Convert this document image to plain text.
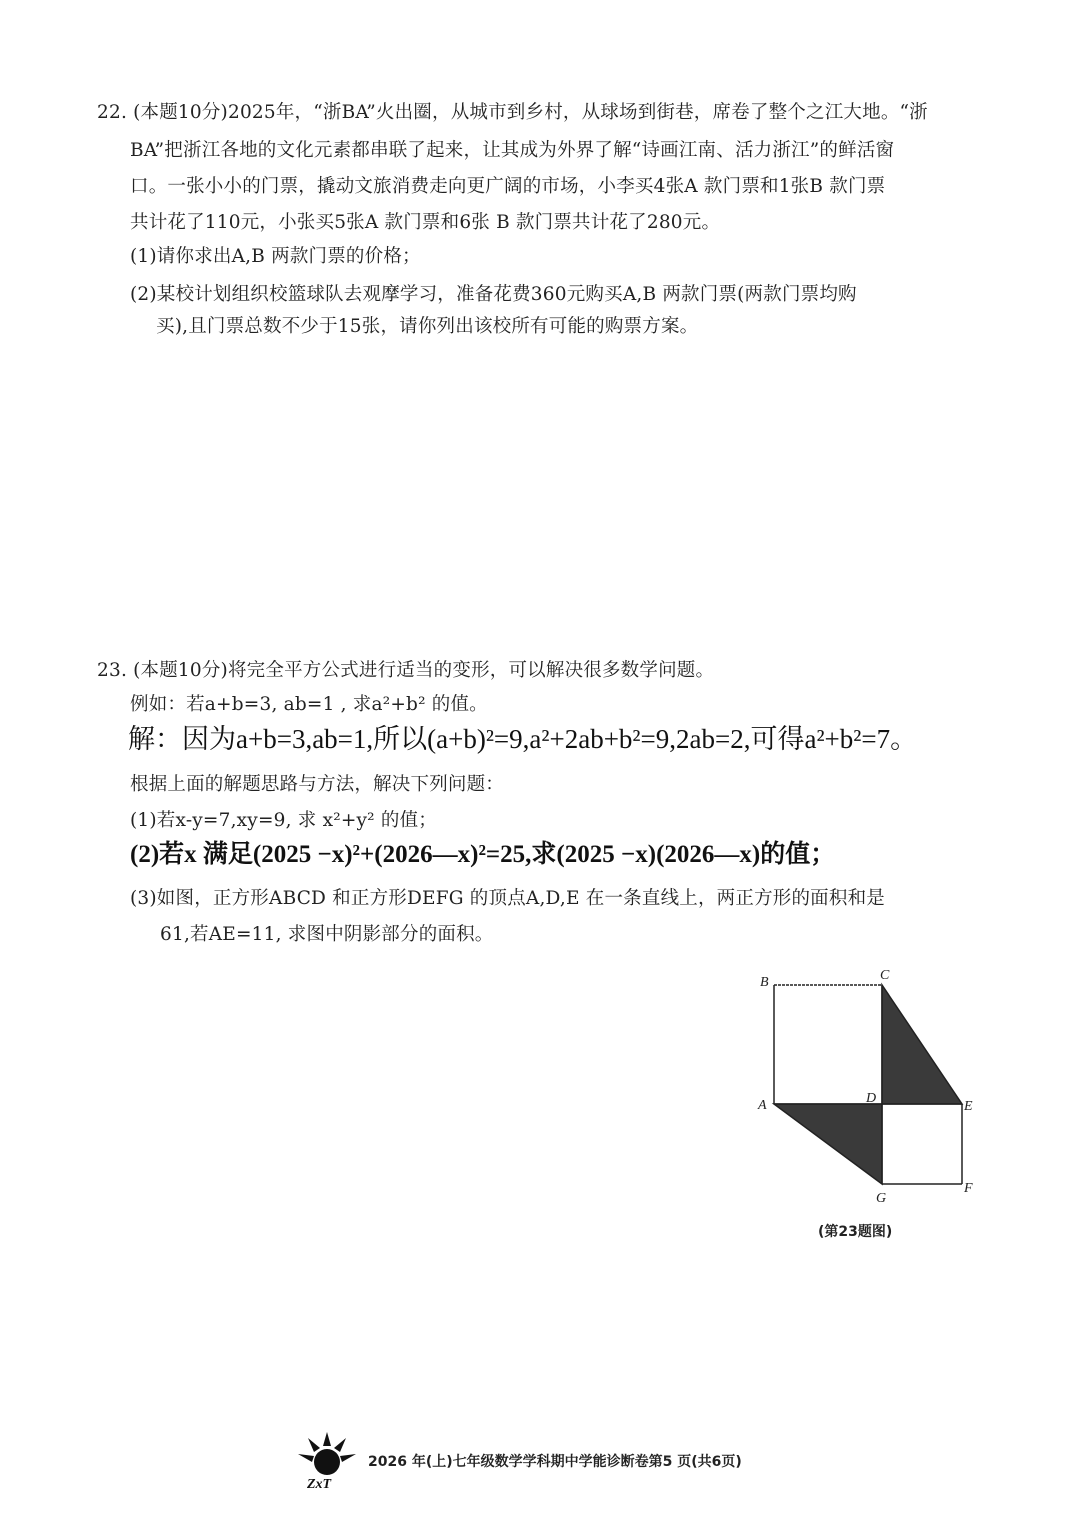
22. (本题10分)2025年，“浙BA”火出圈，从城市到乡村，从球场到街巷，席卷了整个之江大地。“浙
BA”把浙江各地的文化元素都串联了起来，让其成为外界了解“诗画江南、活力浙江”的鲜活窗
口。一张小小的门票，撬动文旅消费走向更广阔的市场，小李买4张A 款门票和1张B 款门票
共计花了110元，小张买5张A 款门票和6张 B 款门票共计花了280元。
(1)请你求出A,B 两款门票的价格；
(2)某校计划组织校篮球队去观摩学习，准备花费360元购买A,B 两款门票(两款门票均购
买),且门票总数不少于15张，请你列出该校所有可能的购票方案。
23. (本题10分)将完全平方公式进行适当的变形，可以解决很多数学问题。
例如：若a+b=3, ab=1 , 求a²+b² 的值。
解：因为a+b=3,ab=1,所以(a+b)²=9,a²+2ab+b²=9,2ab=2,可得a²+b²=7。
根据上面的解题思路与方法，解决下列问题：
(1)若x-y=7,xy=9, 求 x²+y² 的值；
(2)若x 满足(2025 −x)²+(2026—x)²=25,求(2025 −x)(2026—x)的值；
(3)如图，正方形ABCD 和正方形DEFG 的顶点A,D,E 在一条直线上，两正方形的面积和是
61,若AE=11, 求图中阴影部分的面积。
B	C
A	D
E
G
F
(第23题图)
ZxT
2026 年(上)七年级数学学科期中学能诊断卷第5 页(共6页)
